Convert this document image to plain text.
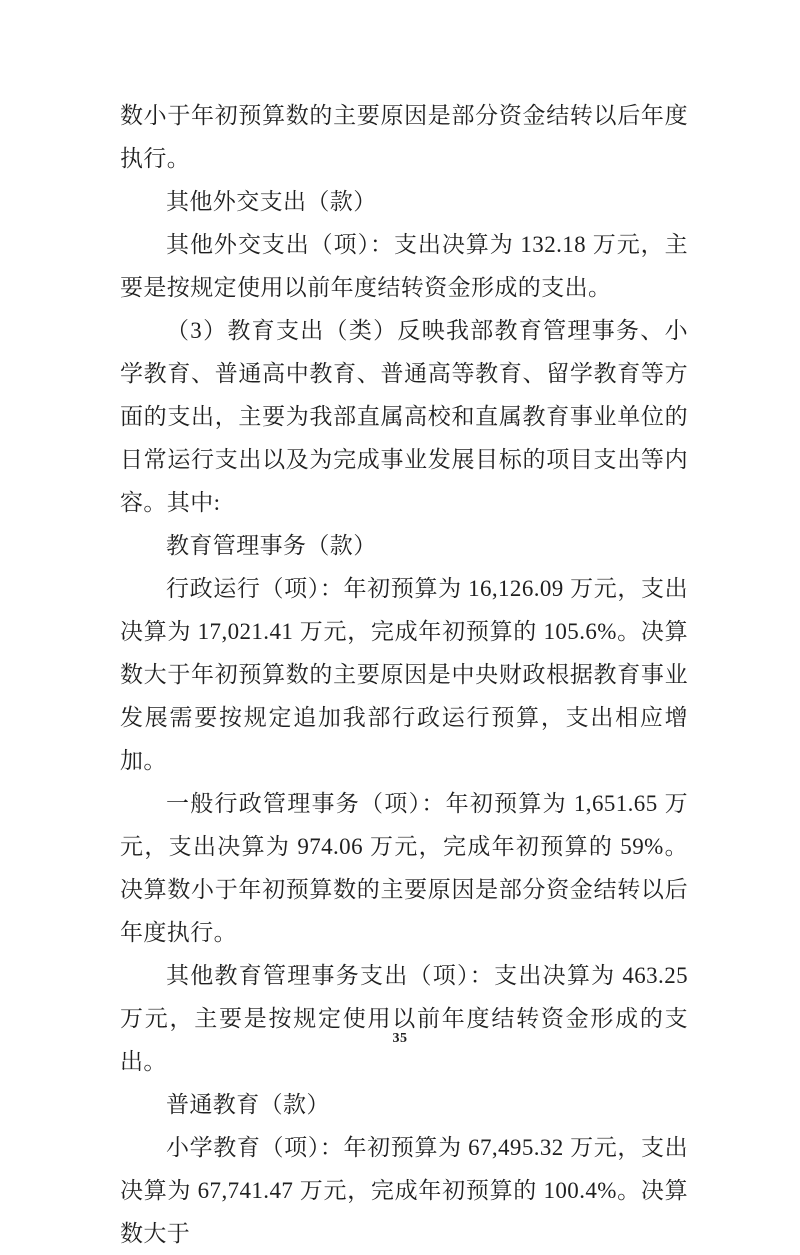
数小于年初预算数的主要原因是部分资金结转以后年度执行。

其他外交支出（款）

其他外交支出（项）：支出决算为 132.18 万元，主要是按规定使用以前年度结转资金形成的支出。

（3）教育支出（类）反映我部教育管理事务、小学教育、普通高中教育、普通高等教育、留学教育等方面的支出，主要为我部直属高校和直属教育事业单位的日常运行支出以及为完成事业发展目标的项目支出等内容。其中:

教育管理事务（款）

行政运行（项）：年初预算为 16,126.09 万元，支出决算为 17,021.41 万元，完成年初预算的 105.6%。决算数大于年初预算数的主要原因是中央财政根据教育事业发展需要按规定追加我部行政运行预算，支出相应增加。

一般行政管理事务（项）：年初预算为 1,651.65 万元，支出决算为 974.06 万元，完成年初预算的 59%。决算数小于年初预算数的主要原因是部分资金结转以后年度执行。

其他教育管理事务支出（项）：支出决算为 463.25 万元，主要是按规定使用以前年度结转资金形成的支出。

普通教育（款）

小学教育（项）：年初预算为 67,495.32 万元，支出决算为 67,741.47 万元，完成年初预算的 100.4%。决算数大于

35
